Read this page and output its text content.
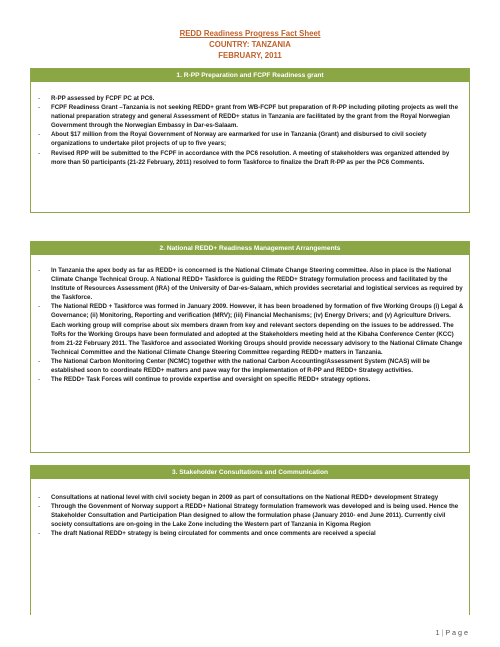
REDD Readiness Progress Fact Sheet
COUNTRY: TANZANIA
FEBRUARY, 2011
1. R-PP Preparation and FCPF Readiness grant
- R-PP assessed by FCPF PC at PC6.
- FCPF Readiness Grant –Tanzania is not seeking REDD+ grant from WB-FCPF but preparation of R-PP including piloting projects as well the national preparation strategy and general Assessment of REDD+ status in Tanzania are facilitated by the grant from the Royal Norwegian Government through the Norwegian Embassy in Dar-es-Salaam.
- About $17 million from the Royal Government of Norway are earmarked for use in Tanzania (Grant) and disbursed to civil society organizations to undertake pilot projects of up to five years;
- Revised RPP will be submitted to the FCPF in accordance with the PC6 resolution. A meeting of stakeholders was organized attended by more than 50 participants (21-22 February, 2011) resolved to form Taskforce to finalize the Draft R-PP as per the PC6 Comments.
2. National REDD+ Readiness Management Arrangements
- In Tanzania the apex body as far as REDD+ is concerned is the National Climate Change Steering committee. Also in place is the National Climate Change Technical Group. A National REDD+ Taskforce is guiding the REDD+ Strategy formulation process and facilitated by the Institute of Resources Assessment (IRA) of the University of Dar-es-Salaam, which provides secretarial and logistical services as required by the Taskforce.
- The National REDD + Taskforce was formed in January 2009. However, it has been broadened by formation of five Working Groups (i) Legal & Governance; (ii) Monitoring, Reporting and verification (MRV); (iii) Financial Mechanisms; (iv) Energy Drivers; and (v) Agriculture Drivers. Each working group will comprise about six members drawn from key and relevant sectors depending on the issues to be addressed. The ToRs for the Working Groups have been formulated and adopted at the Stakeholders meeting held at the Kibaha Conference Center (KCC) from 21-22 February 2011. The Taskforce and associated Working Groups should provide necessary advisory to the National Climate Change Technical Committee and the National Climate Change Steering Committee regarding REDD+ matters in Tanzania.
- The National Carbon Monitoring Center (NCMC) together with the national Carbon Accounting/Assessment System (NCAS) will be established soon to coordinate REDD+ matters and pave way for the implementation of R-PP and REDD+ Strategy activities.
- The REDD+ Task Forces will continue to provide expertise and oversight on specific REDD+ strategy options.
3. Stakeholder Consultations and Communication
- Consultations at national level with civil society began in 2009 as part of consultations on the National REDD+ development Strategy
- Through the Govenment of Norway support a REDD+ National Strategy formulation framework was developed and is being used. Hence the Stakeholder Consultation and Participation Plan designed to allow the formulation phase (January 2010- end June 2011). Currently civil society consultations are on-going in the Lake Zone including the Western part of Tanzania in Kigoma Region
- The draft National REDD+ strategy is being circulated for comments and once comments are received a special
1 | P a g e
